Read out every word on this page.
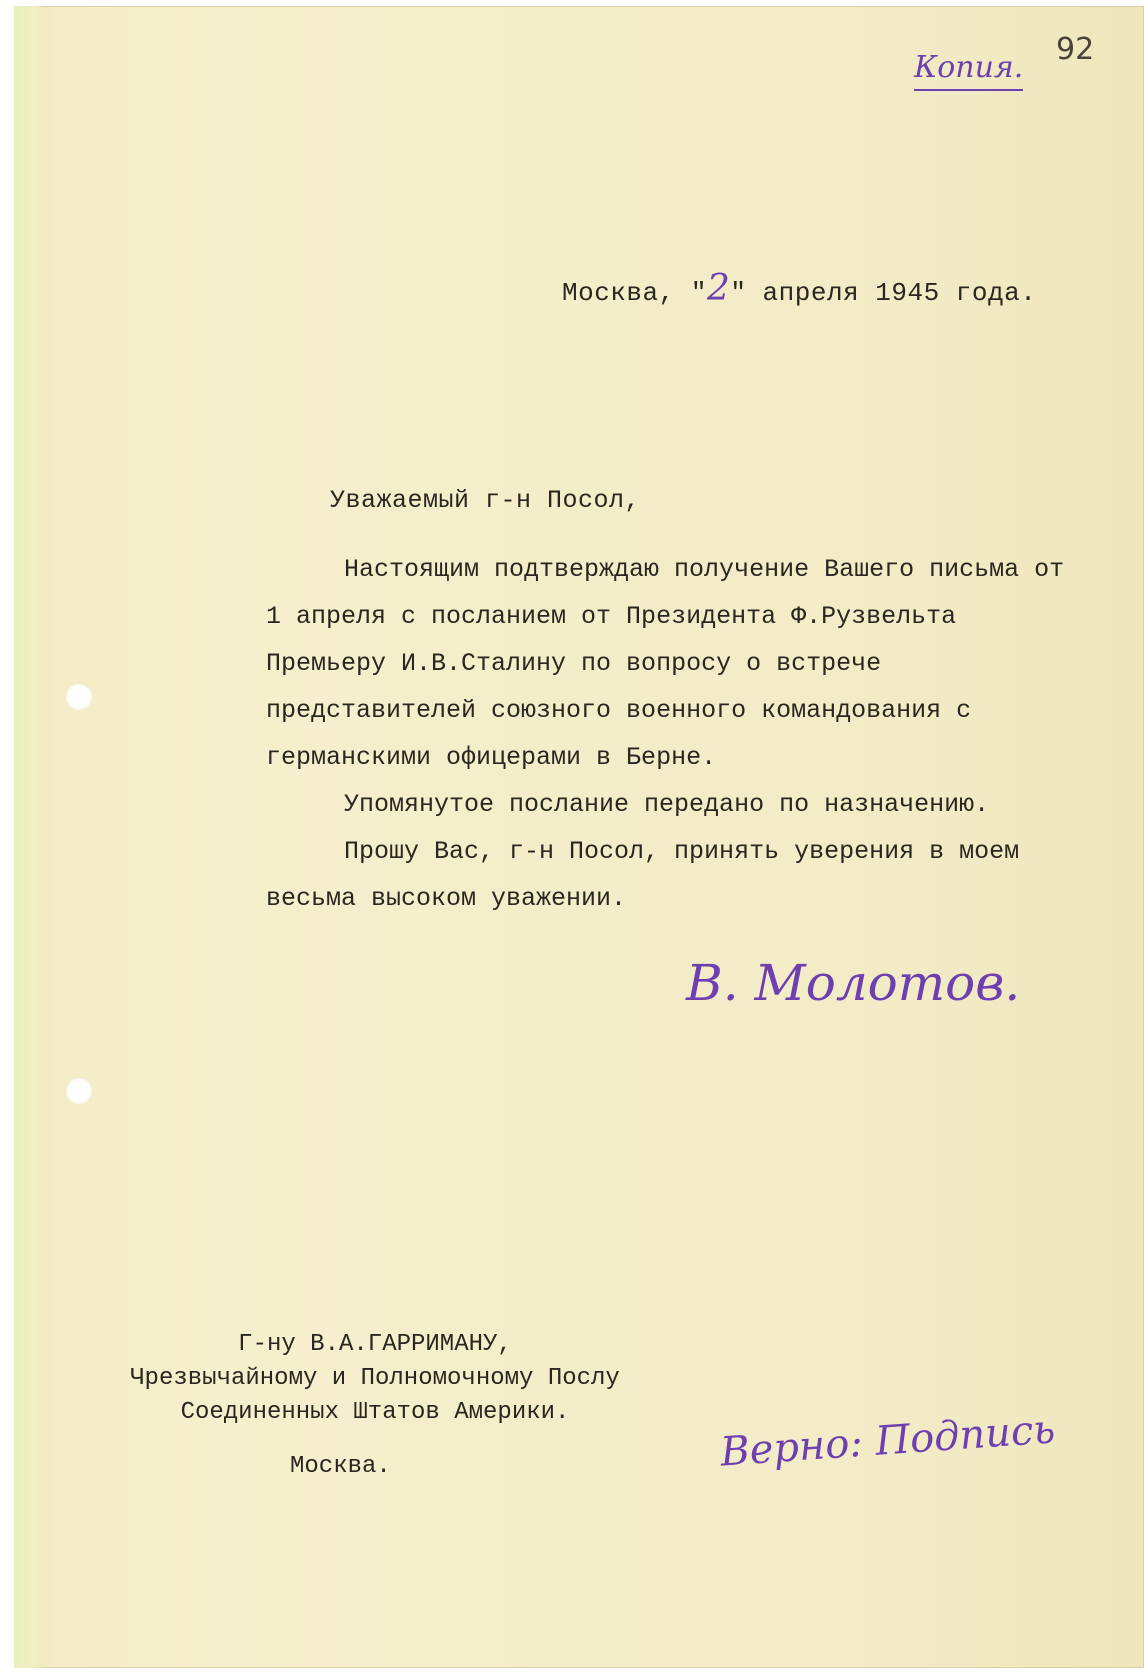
Копия.
92
Москва, "2" апреля 1945 года.
Уважаемый г-н Посол,

Настоящим подтверждаю получение Вашего письма от 1 апреля с посланием от Президента Ф.Рузвельта Премьеру И.В.Сталину по вопросу о встрече представителей союзного военного командования с германскими офицерами в Берне.

Упомянутое послание передано по назначению.

Прошу Вас, г-н Посол, принять уверения в моем весьма высоком уважении.

В. Молотов.
Г-ну В.А.ГАРРИМАНУ,
Чрезвычайному и Полномочному Послу
Соединенных Штатов Америки.
Москва.	Верно: Подпись
